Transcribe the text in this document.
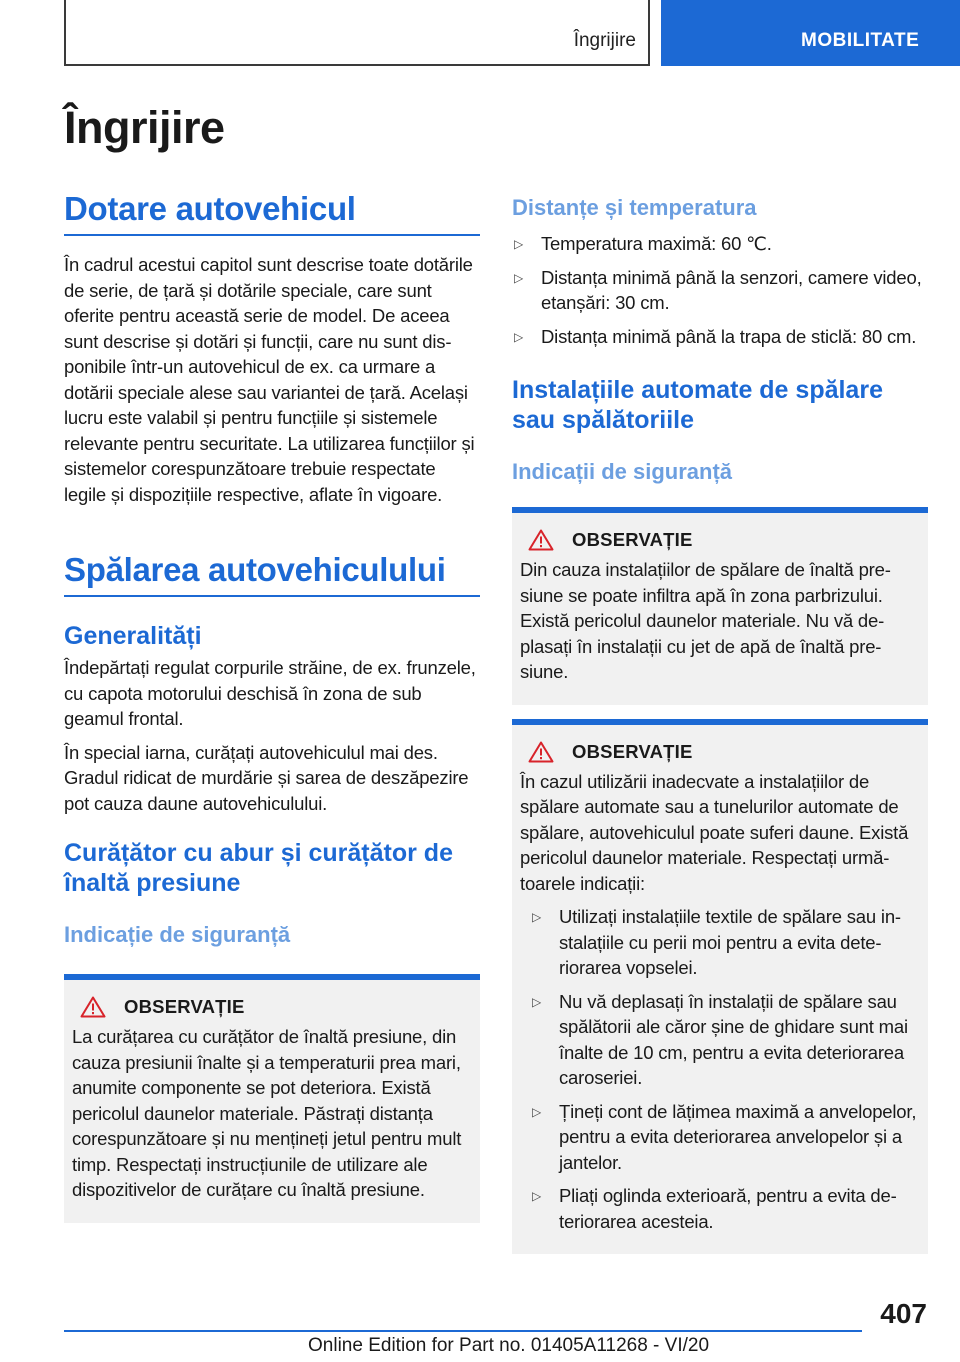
Îngrijire	MOBILITATE
Îngrijire
Dotare autovehicul

În cadrul acestui capitol sunt descrise toate dotările de serie, de țară și dotările speciale, care sunt oferite pentru această serie de model. De aceea sunt descrise și dotări și funcții, care nu sunt disponibile într-un autovehicul de ex. ca urmare a dotării speciale alese sau variantei de țară. Același lucru este valabil și pentru funcțiile și sistemele relevante pentru securitate. La utilizarea funcțiilor și sistemelor corespunzătoare trebuie respectate legile și dispozițiile respective, aflate în vigoare.

Spălarea autovehiculului
Generalități

Îndepărtați regulat corpurile străine, de ex. frunzele, cu capota motorului deschisă în zona de sub geamul frontal.

În special iarna, curățați autovehiculul mai des. Gradul ridicat de murdărie și sarea de deszăpezire pot cauza daune autovehiculului.

Curățător cu abur și curățător de înaltă presiune
Indicație de siguranță
OBSERVAȚIE

La curățarea cu curățător de înaltă presiune, din cauza presiunii înalte și a temperaturii prea mari, anumite componente se pot deteriora. Există pericolul daunelor materiale. Păstrați distanța corespunzătoare și nu mențineți jetul pentru mult timp. Respectați instrucțiunile de utilizare ale dispozitivelor de curățare cu înaltă presiune.

Distanțe și temperatura
▷ Temperatura maximă: 60 ℃.
▷ Distanța minimă până la senzori, camere video, etanșări: 30 cm.
▷ Distanța minimă până la trapa de sticlă: 80 cm.
Instalațiile automate de spălare sau spălătoriile
Indicații de siguranță
OBSERVAȚIE

Din cauza instalațiilor de spălare de înaltă presiune se poate infiltra apă în zona parbrizului. Există pericolul daunelor materiale. Nu vă deplasați în instalații cu jet de apă de înaltă presiune.

OBSERVAȚIE

În cazul utilizării inadecvate a instalațiilor de spălare automate sau a tunelurilor automate de spălare, autovehiculul poate suferi daune. Există pericolul daunelor materiale. Respectați următoarele indicații:

▷ Utilizați instalațiile textile de spălare sau instalațiile cu perii moi pentru a evita deteriorarea vopselei.
▷ Nu vă deplasați în instalații de spălare sau spălătorii ale căror șine de ghidare sunt mai înalte de 10 cm, pentru a evita deteriorarea caroseriei.
▷ Țineți cont de lățimea maximă a anvelopelor, pentru a evita deteriorarea anvelopelor și a jantelor.
▷ Pliați oglinda exterioară, pentru a evita deteriorarea acesteia.
407
Online Edition for Part no. 01405A11268 - VI/20
